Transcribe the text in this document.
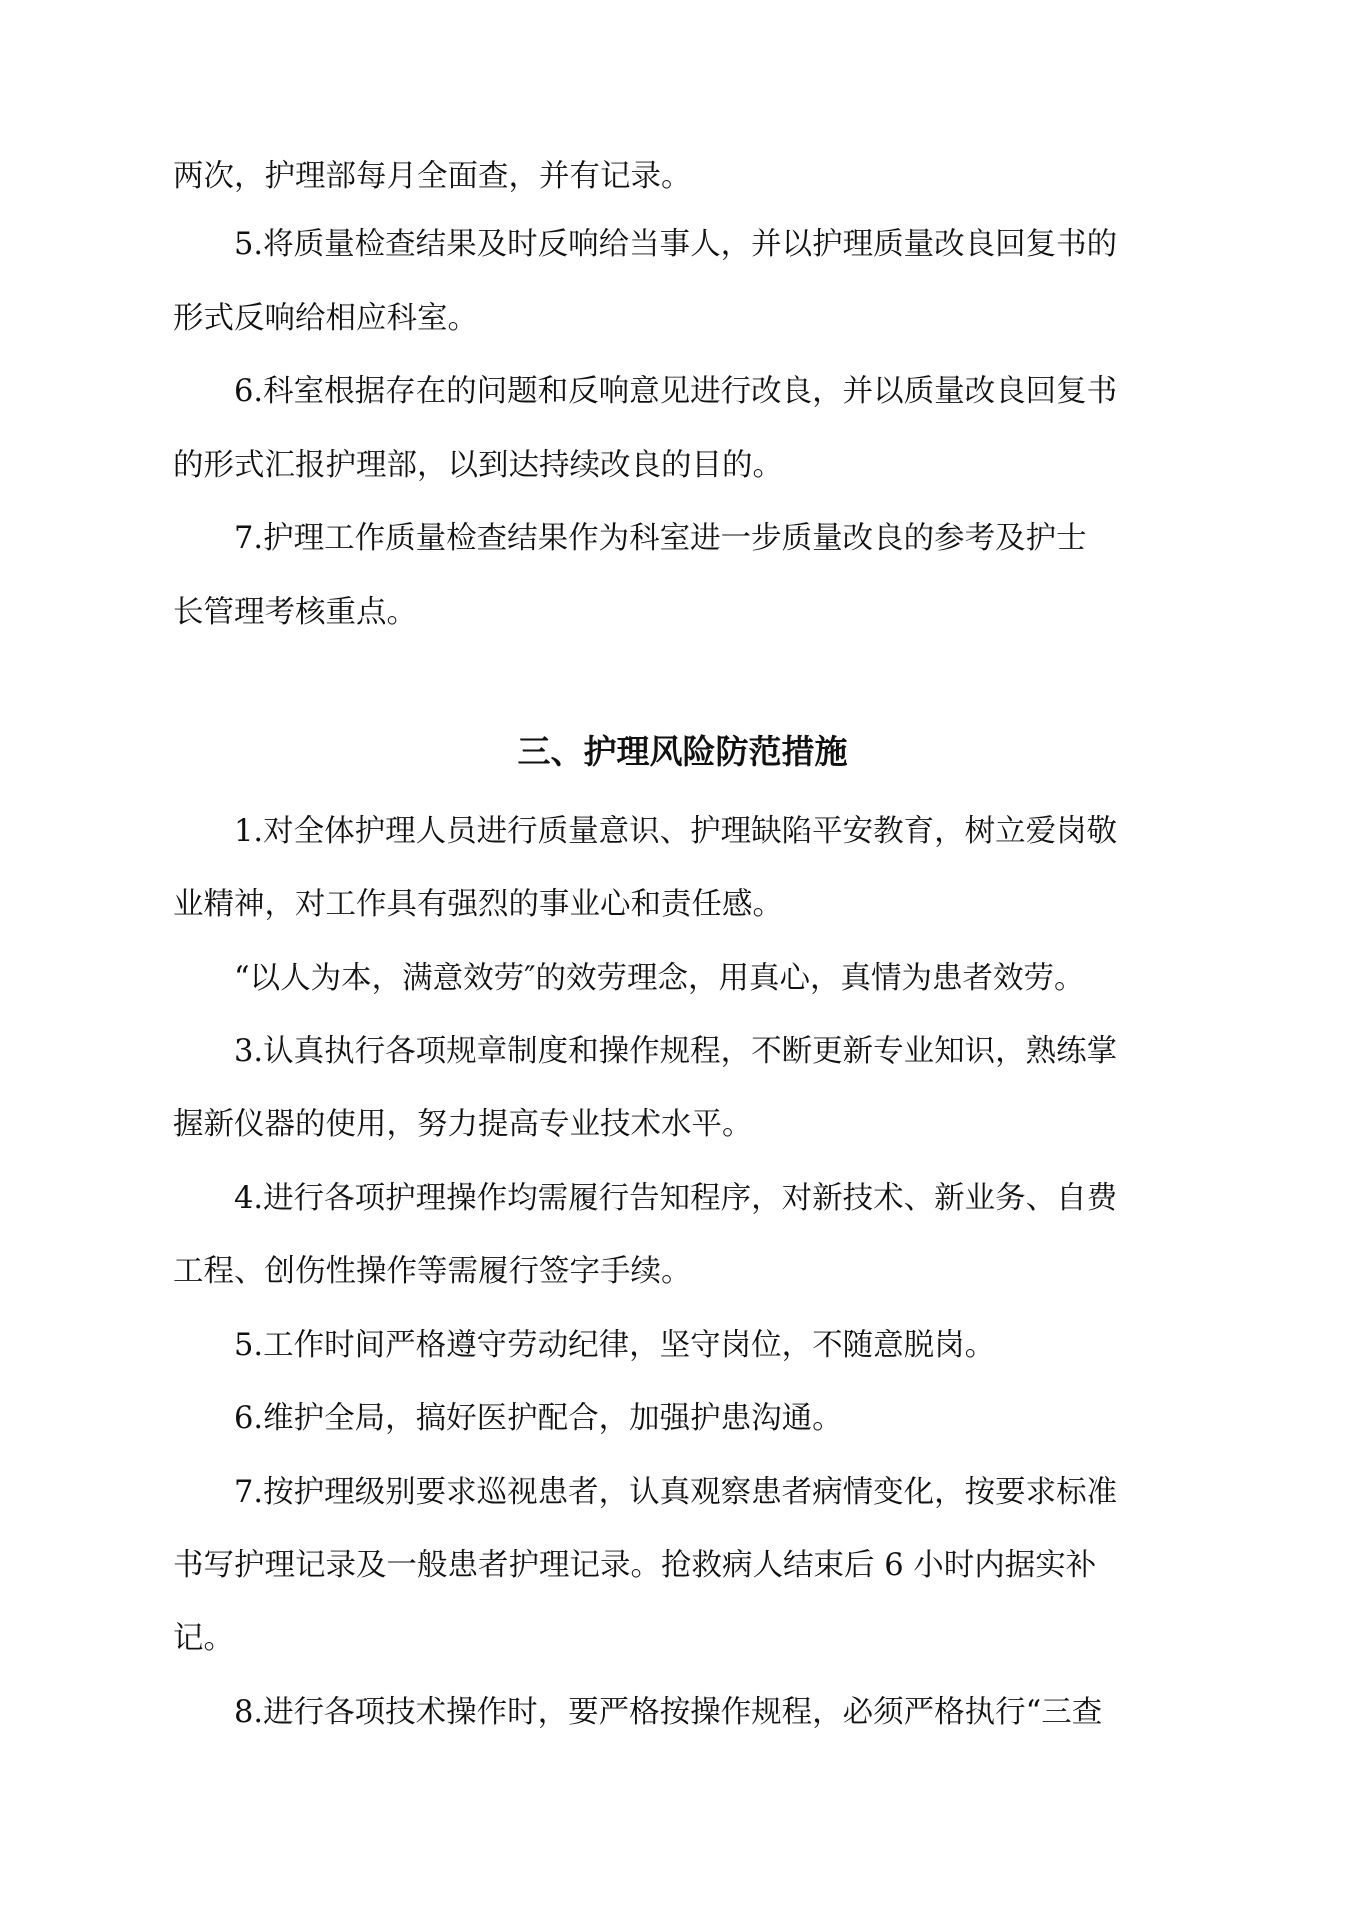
两次，护理部每月全面查，并有记录。
5.将质量检查结果及时反响给当事人，并以护理质量改良回复书的
形式反响给相应科室。
6.科室根据存在的问题和反响意见进行改良，并以质量改良回复书
的形式汇报护理部，以到达持续改良的目的。
7.护理工作质量检查结果作为科室进一步质量改良的参考及护士
长管理考核重点。
三、护理风险防范措施
1.对全体护理人员进行质量意识、护理缺陷平安教育，树立爱岗敬
业精神，对工作具有强烈的事业心和责任感。
“以人为本，满意效劳″的效劳理念，用真心，真情为患者效劳。
3.认真执行各项规章制度和操作规程，不断更新专业知识，熟练掌
握新仪器的使用，努力提高专业技术水平。
4.进行各项护理操作均需履行告知程序，对新技术、新业务、自费
工程、创伤性操作等需履行签字手续。
5.工作时间严格遵守劳动纪律，坚守岗位，不随意脱岗。
6.维护全局，搞好医护配合，加强护患沟通。
7.按护理级别要求巡视患者，认真观察患者病情变化，按要求标准
书写护理记录及一般患者护理记录。抢救病人结束后 6 小时内据实补
记。
8.进行各项技术操作时，要严格按操作规程，必须严格执行“三查
